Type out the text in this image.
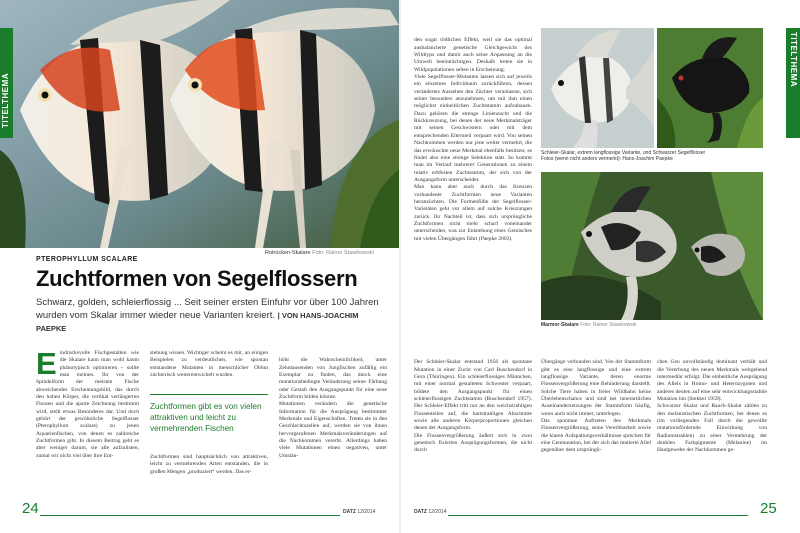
TITELTHEMA
Rotrücken-Skalare Foto: Rainer Stawikowski
PTEROPHYLLUM SCALARE
Zuchtformen von Segelflossern

Schwarz, golden, schleierflossig ... Seit seiner ersten Einfuhr vor über 100 Jahren wurden vom Skalar immer wieder neue Varianten kreiert. | VON HANS-JOACHIM PAEPKE

Eindrucksvolle Fischgestalten wie die Skalare kann man wohl kaum phänotypisch optimieren – sollte man meinen. Ihr von der Spindelform der meisten Fische abweichendes Erscheinungsbild, das durch den hohen Körper, die vertikal verlängerten Flossen und die aparte Zeichnung bestimmt wird, stellt etwas Besonderes dar. Und doch gehört der gewöhnliche Segelflosser (Pterophyllum scalare) zu jenen Aquarienfischen, von denen es zahlreiche Zuchtformen gibt. In diesem Beitrag geht es aber weniger darum, sie alle aufzulisten, zumal wir nicht viel über ihre Ent-
stehung wissen. Wichtiger scheint es mir, an einigen Beispielen zu verdeutlichen, wie spontan entstandene Mutanten in menschlicher Obhut züchterisch weiterentwickelt wurden.
Zuchtformen gibt es von vielen attraktiven und leicht zu vermehrenden Fischen
Zuchtformen sind hauptsächlich von attraktiven, leicht zu vermehrenden Arten entstanden, die in großen Mengen „produziert“ werden. Das er-

höht die Wahrscheinlichkeit, unter Zehntausenden von Jungfischen zufällig ein Exemplar zu finden, das durch eine mutationsbedingte Veränderung seiner Färbung oder Gestalt den Ausgangspunkt für eine neue Zuchtform bilden könnte.
Mutationen verändern die genetische Information für die Ausprägung bestimmter Merkmale und Eigenschaften. Treten sie in den Geschlechtszellen auf, werden sie von ihnen hervorgerufenen Merkmalsveränderungen auf die Nachkommen vererbt. Allerdings haben viele Mutationen einen negativen, unter Umstän-

24	DATZ 12/2014

den sogar tödlichen Effekt, weil sie das optimal ausbalancierte genetische Gleichgewicht des Wildtyps und damit auch seine Anpassung an die Umwelt beeinträchtigen. Deshalb treten sie in Wildpopulationen selten in Erscheinung.
Viele Segelflosser-Mutanten lassen sich auf jeweils ein einzelnes Individuum zurückführen, dessen verändertes Aussehen den Züchter veranlasste, sich seiner besonders anzunehmen, um mit ihm einen möglichst einheitlichen Zuchtstamm aufzubauen. Dazu gehören die strenge Linienzucht und die Rückkreuzung, bei denen der neue Merkmalsträger mit seinen Geschwistern oder mit dem entsprechenden Elternteil verpaart wird. Von seinen Nachkommen werden nur jene weiter vermehrt, die das erwünschte neue Merkmal ebenfalls besitzen; es findet also eine strenge Selektion statt. So kommt man im Verlauf mehrerer Generationen zu einem relativ erbfesten Zuchtstamm, der sich von der Ausgangsform unterscheidet.
Man kann aber auch durch das Kreuzen vorhandener Zuchtformen neue Varianten heranzüchten. Die Formenfülle der Segelflosser-Varietäten geht vor allem auf solche Kreuzungen zurück. Ihr Nachteil ist, dass sich ursprüngliche Zuchtformen nicht mehr scharf voneinander unterscheiden, was zur Entstehung eines Gemisches mit vielen Übergängen führt (Paepke 2003).

TITELTHEMA
Schleier-Skalar, extrem langflossige Variante, und Schwarzer Segelflosser
Fotos (wenn nicht anders vermerkt): Hans-Joachim Paepke
Marmor-Skalare Foto: Rainer Stawikowski

Der Schleier-Skalar entstand 1956 als spontane Mutation in einer Zucht von Carl Buschendorf in Gera (Thüringen). Ein schleierflossiges Männchen, mit einer normal gestalteten Schwester verpaart, bildete den Ausgangspunkt für einen schleierflossigen Zuchtstamm (Buschendorf 1957). Der Schleier-Effekt tritt nur an den weichstrahligen Flossenteilen auf, die hartstrahligen Abschnitte sowie alle anderen Körperproportionen gleichen denen der Ausgangsform.
Die Flossenvergrößerung äußert sich in zwei genetisch fixierten Ausprägungsformen, die nicht durch

Übergänge verbunden sind. Von der Stammform gibt es eine langflossige und eine extrem langflossige Variante, deren enorme Flossenvergrößerung eine Behinderung darstellt. Solche Tiere haben in freier Wildbahn keine Überlebenschance und sind bei innerartlichen Auseinandersetzungen der Stammform häufig, wenn auch nicht immer, unterlegen.
Das spontane Auftreten des Merkmals Flossenvergrößerung, seine Vererbbarkeit sowie die klaren Aufspaltungsverhältnisse sprechen für eine Genmutation, bei der sich das mutierte Allel gegenüber dem ursprüngli-

chen Gen unvollständig dominant verhält und die Vererbung des neuen Merkmals weitgehend intermediär erfolgt. Die einheitliche Ausprägung des Allels in Homo- und Heterozygoten und anderes deuten auf eine sehr entwicklungsstabile Mutation hin (Stekkel 1959).
Schwarzer Skalar und Rauch-Skalar zählen zu den melanistischen Zuchtformen, bei denen es (im vorliegenden Fall durch die gewollte mutationsfördernde Einwirkung von Radiumstrahlen) zu einer Vermehrung der dunklen Farbpigmente (Melanine) im Hautgewebe der Nachkommen ge-

DATZ 12/2014	25
